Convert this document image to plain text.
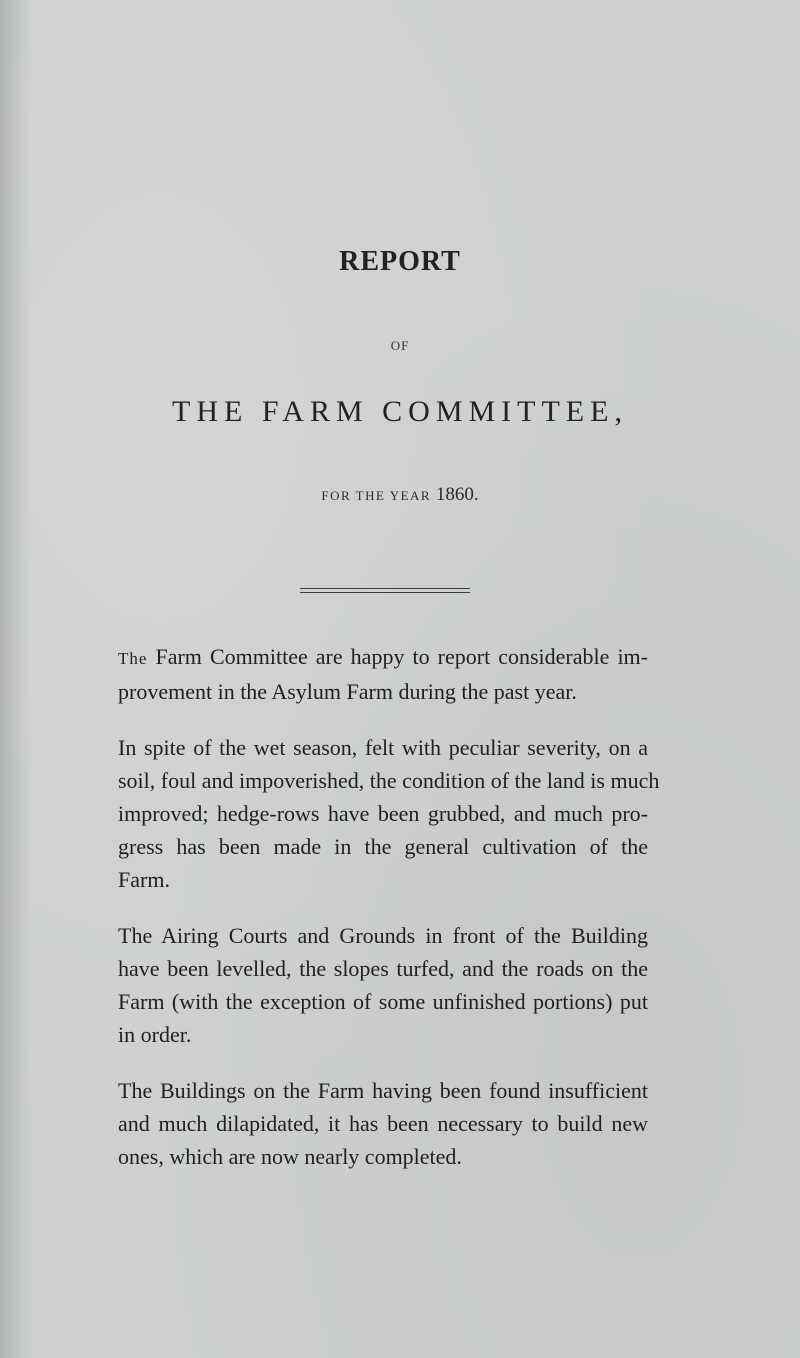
REPORT
OF
THE FARM COMMITTEE,
FOR THE YEAR 1860.

The Farm Committee are happy to report considerable im-
provement in the Asylum Farm during the past year.

In spite of the wet season, felt with peculiar severity, on a
soil, foul and impoverished, the condition of the land is much
improved; hedge-rows have been grubbed, and much pro-
gress has been made in the general cultivation of the
Farm.

The Airing Courts and Grounds in front of the Building
have been levelled, the slopes turfed, and the roads on the
Farm (with the exception of some unfinished portions) put
in order.

The Buildings on the Farm having been found insufficient
and much dilapidated, it has been necessary to build new
ones, which are now nearly completed.
